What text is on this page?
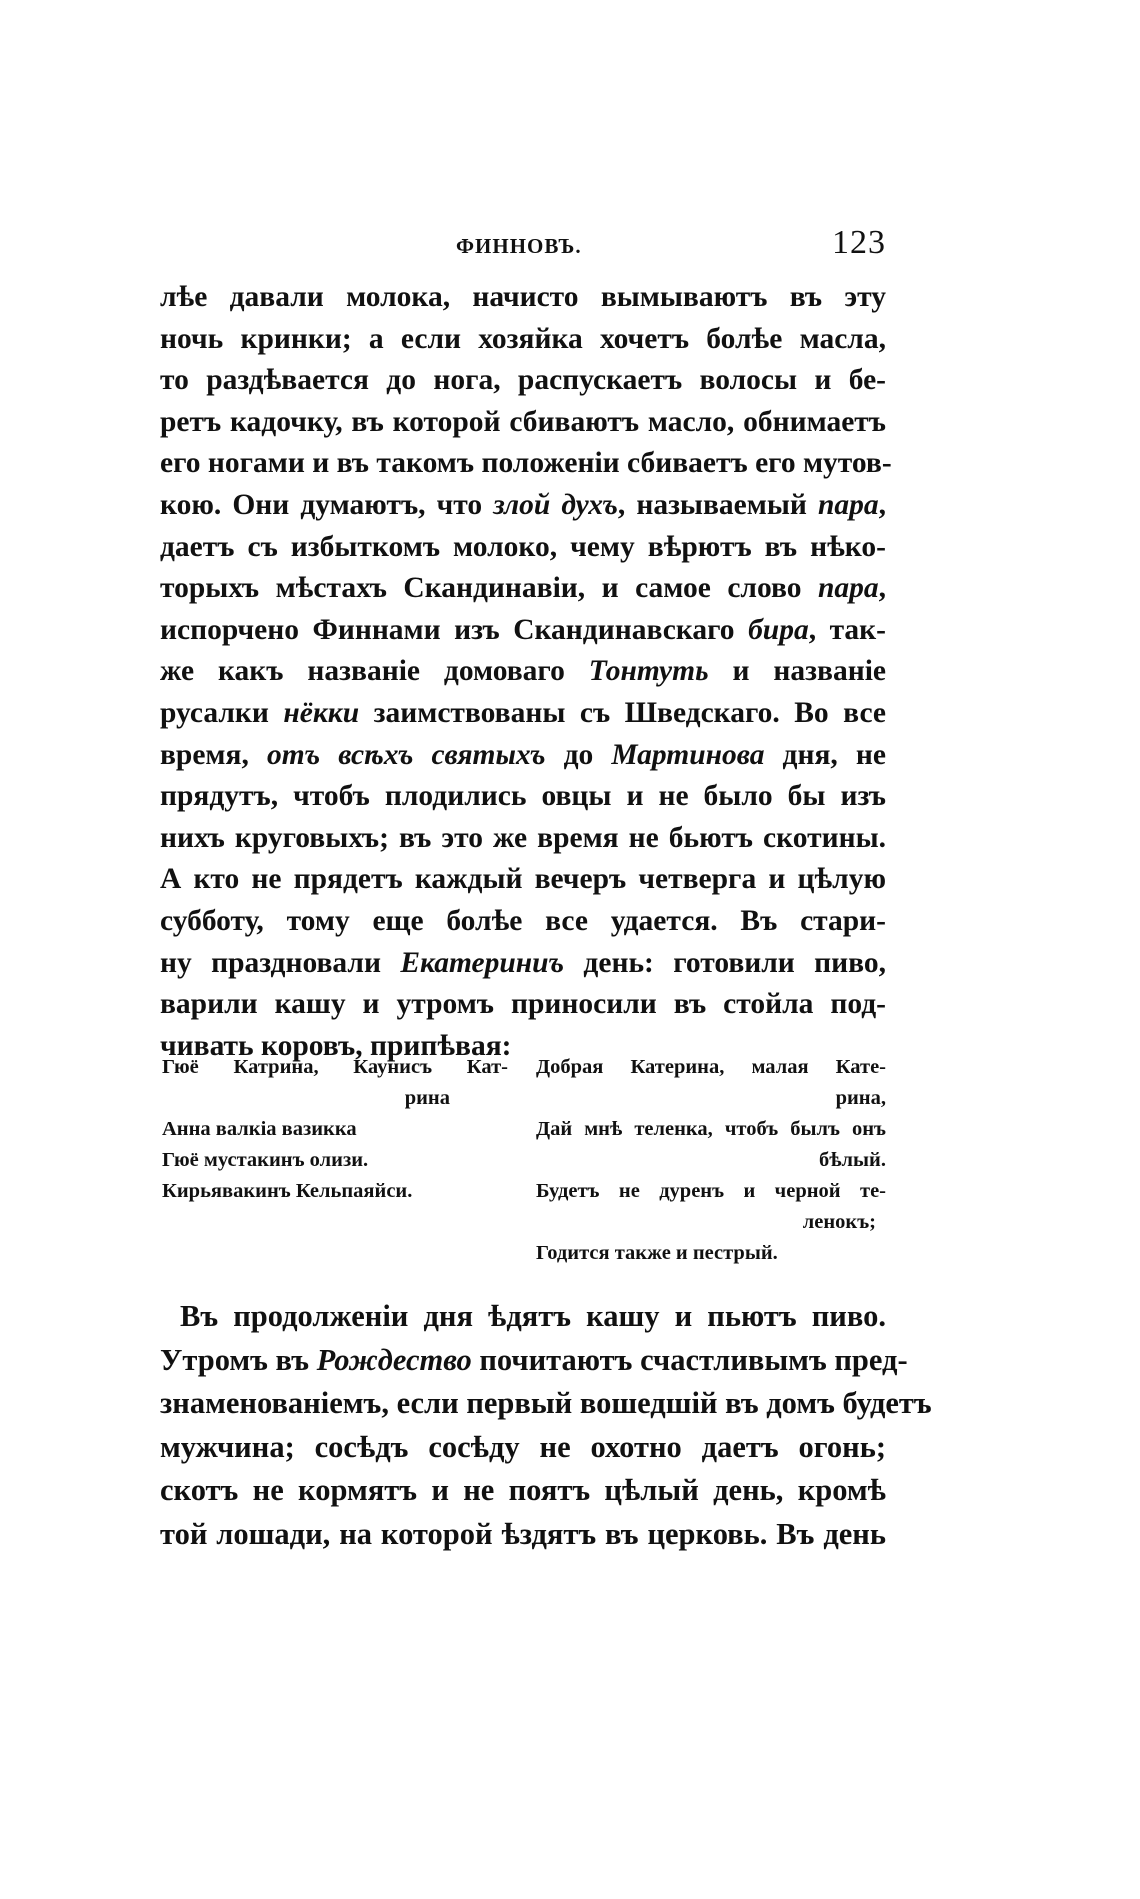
ФИННОВЪ.	123
лѣе давали молока, начисто вымываютъ въ эту
ночь кринки; а если хозяйка хочетъ болѣе масла,
то раздѣвается до нога, распускаетъ волосы и бе-
ретъ кадочку, въ которой сбиваютъ масло, обнимаетъ
его ногами и въ такомъ положеніи сбиваетъ его мутов-
кою. Они думаютъ, что злой духъ, называемый пара,
даетъ съ избыткомъ молоко, чему вѣрютъ въ нѣко-
торыхъ мѣстахъ Скандинавіи, и самое слово пара,
испорчено Финнами изъ Скандинавскаго бира, так-
же какъ названіе домоваго Тонтуть и названіе
русалки нёкки заимствованы съ Шведскаго. Во все
время, отъ всѣхъ святыхъ до Мартинова дня, не
прядутъ, чтобъ плодились овцы и не было бы изъ
нихъ круговыхъ; въ это же время не бьютъ скотины.
А кто не прядетъ каждый вечеръ четверга и цѣлую
субботу, тому еще болѣе все удается. Въ стари-
ну праздновали Екатериниъ день: готовили пиво,
варили кашу и утромъ приносили въ стойла под-
чивать коровъ, припѣвая:
Гюё Катрина, Каунисъ Кат-
рина
Анна валкіа вазикка
Гюё мустакинъ олизи.
Кирьявакинъ Кельпаяйси.
Добрая Катерина, малая Кате-
рина,
Дай мнѣ теленка, чтобъ былъ онъ
бѣлый.
Будетъ не дуренъ и черной те-
ленокъ;
Годится также и пестрый.
Въ продолженіи дня ѣдятъ кашу и пьютъ пиво.
Утромъ въ Рождество почитаютъ счастливымъ пред-
знаменованіемъ, если первый вошедшій въ домъ будетъ
мужчина; сосѣдъ сосѣду не охотно даетъ огонь;
скотъ не кормятъ и не поятъ цѣлый день, кромѣ
той лошади, на которой ѣздятъ въ церковь. Въ день
